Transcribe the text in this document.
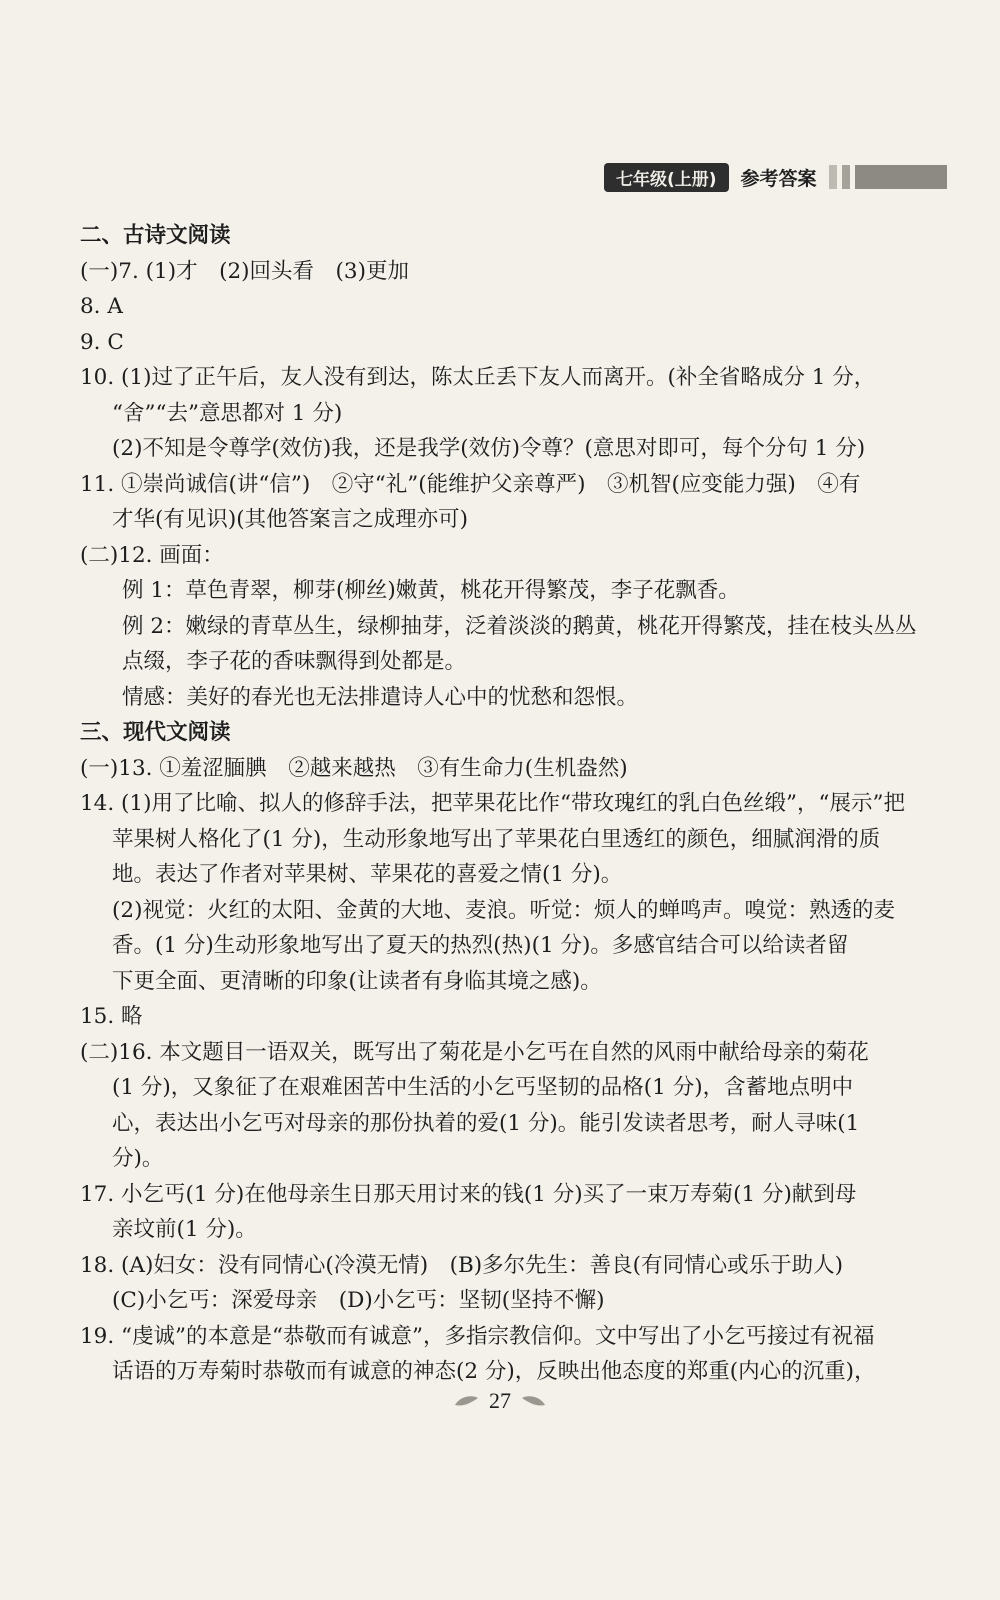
七年级(上册)	参考答案
二、古诗文阅读
(一)7. (1)才　(2)回头看　(3)更加
8. A
9. C
10. (1)过了正午后，友人没有到达，陈太丘丢下友人而离开。(补全省略成分 1 分，
“舍”“去”意思都对 1 分)
(2)不知是令尊学(效仿)我，还是我学(效仿)令尊？(意思对即可，每个分句 1 分)
11. ①崇尚诚信(讲“信”)　②守“礼”(能维护父亲尊严)　③机智(应变能力强)　④有
才华(有见识)(其他答案言之成理亦可)
(二)12. 画面：
例 1：草色青翠，柳芽(柳丝)嫩黄，桃花开得繁茂，李子花飘香。
例 2：嫩绿的青草丛生，绿柳抽芽，泛着淡淡的鹅黄，桃花开得繁茂，挂在枝头丛丛
点缀，李子花的香味飘得到处都是。
情感：美好的春光也无法排遣诗人心中的忧愁和怨恨。
三、现代文阅读
(一)13. ①羞涩腼腆　②越来越热　③有生命力(生机盎然)
14. (1)用了比喻、拟人的修辞手法，把苹果花比作“带玫瑰红的乳白色丝缎”，“展示”把
苹果树人格化了(1 分)，生动形象地写出了苹果花白里透红的颜色，细腻润滑的质
地。表达了作者对苹果树、苹果花的喜爱之情(1 分)。
(2)视觉：火红的太阳、金黄的大地、麦浪。听觉：烦人的蝉鸣声。嗅觉：熟透的麦
香。(1 分)生动形象地写出了夏天的热烈(热)(1 分)。多感官结合可以给读者留
下更全面、更清晰的印象(让读者有身临其境之感)。
15. 略
(二)16. 本文题目一语双关，既写出了菊花是小乞丐在自然的风雨中献给母亲的菊花
(1 分)，又象征了在艰难困苦中生活的小乞丐坚韧的品格(1 分)，含蓄地点明中
心，表达出小乞丐对母亲的那份执着的爱(1 分)。能引发读者思考，耐人寻味(1
分)。
17. 小乞丐(1 分)在他母亲生日那天用讨来的钱(1 分)买了一束万寿菊(1 分)献到母
亲坟前(1 分)。
18. (A)妇女：没有同情心(冷漠无情)　(B)多尔先生：善良(有同情心或乐于助人)
(C)小乞丐：深爱母亲　(D)小乞丐：坚韧(坚持不懈)
19. “虔诚”的本意是“恭敬而有诚意”，多指宗教信仰。文中写出了小乞丐接过有祝福
话语的万寿菊时恭敬而有诚意的神态(2 分)，反映出他态度的郑重(内心的沉重)，
27
